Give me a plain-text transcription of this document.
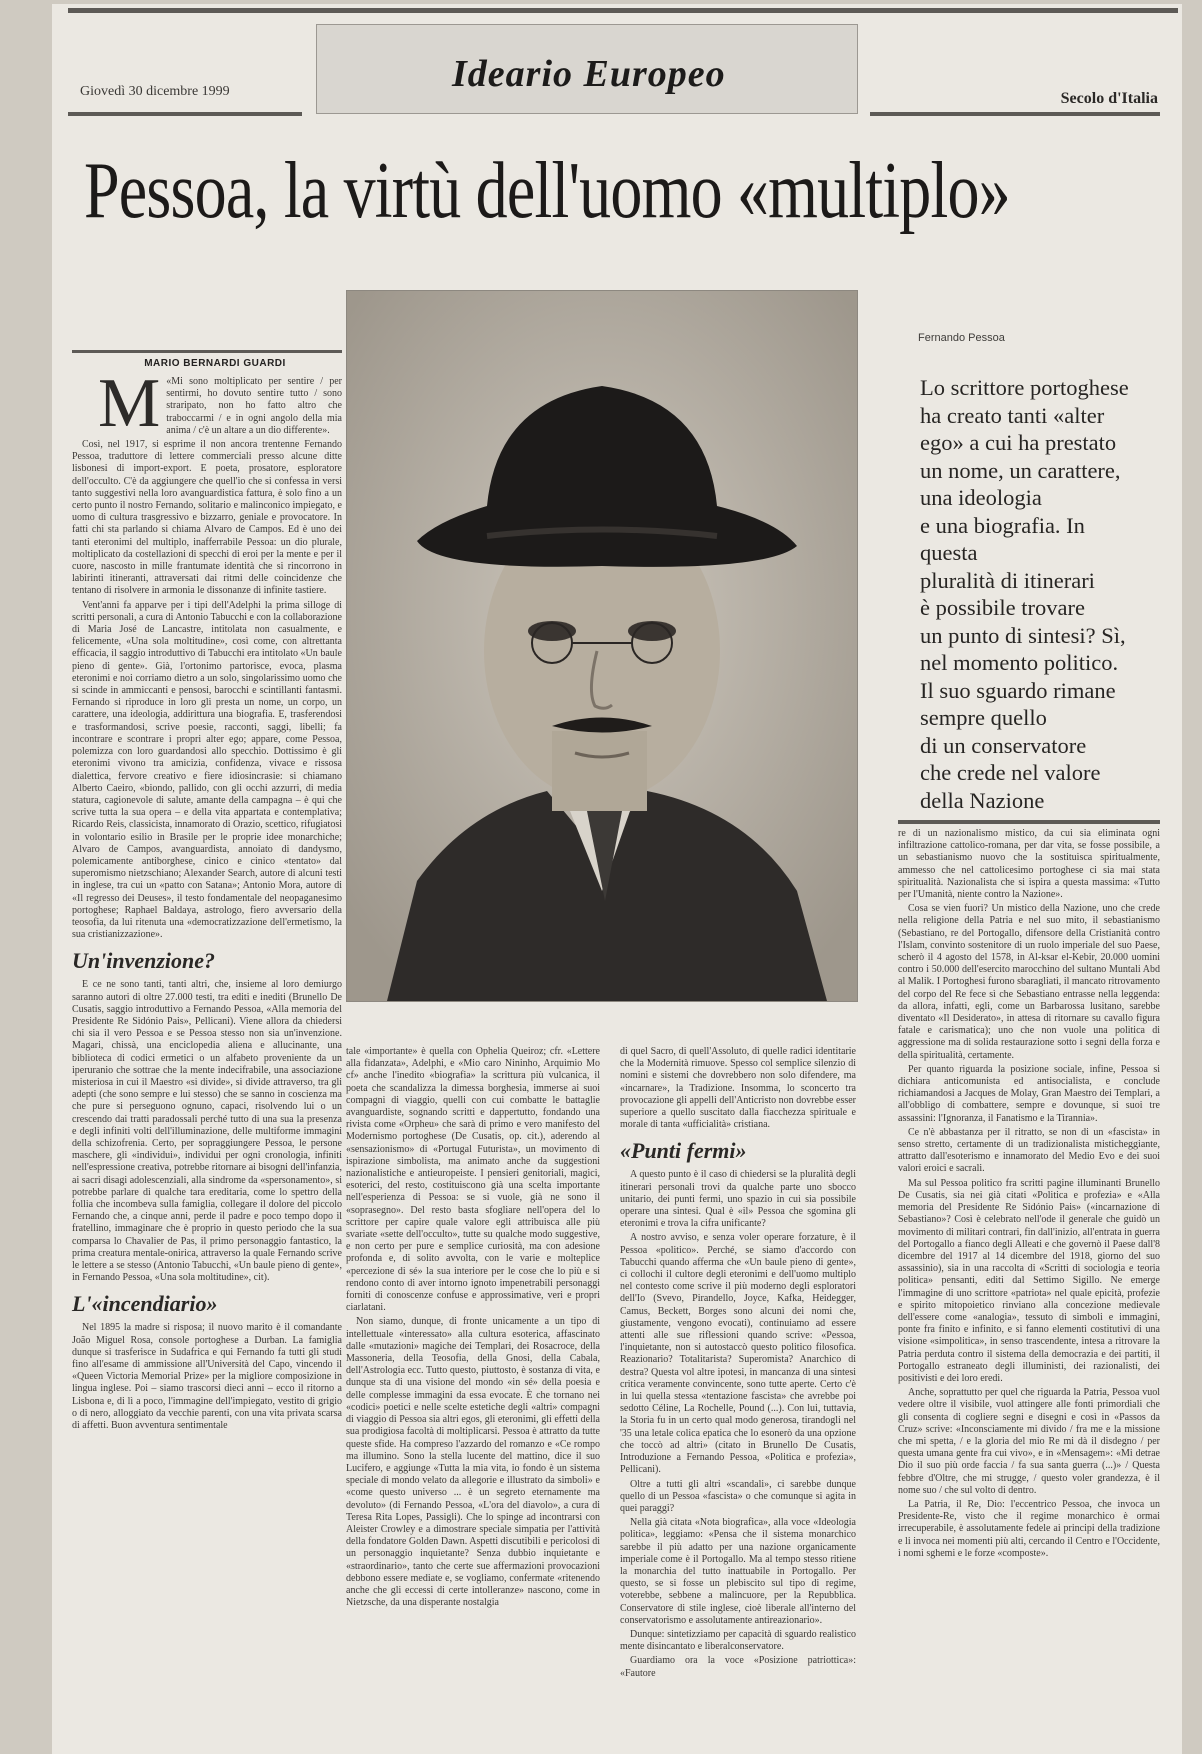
Giovedì 30 dicembre 1999	Ideario Europeo
Secolo d'Italia
Pessoa, la virtù dell'uomo «multiplo»
MARIO BERNARDI GUARDI
Fernando Pessoa
Lo scrittore portoghese
ha creato tanti «alter
ego» a cui ha prestato
un nome, un carattere,
una ideologia
e una biografia. In questa
pluralità di itinerari
è possibile trovare
un punto di sintesi? Sì,
nel momento politico.
Il suo sguardo rimane
sempre quello
di un conservatore
che crede nel valore
della Nazione
M «Mi sono moltiplicato per sentire / per sentirmi, ho dovuto sentire tutto / sono straripato, non ho fatto altro che traboccarmi / e in ogni angolo della mia anima / c'è un altare a un dio differente».

Così, nel 1917, si esprime il non ancora trentenne Fernando Pessoa, traduttore di lettere commerciali presso alcune ditte lisbonesi di import-export. E poeta, prosatore, esploratore dell'occulto. C'è da aggiungere che quell'io che si confessa in versi tanto suggestivi nella loro avanguardistica fattura, è solo fino a un certo punto il nostro Fernando, solitario e malinconico impiegato, e uomo di cultura trasgressivo e bizzarro, geniale e provocatore. In fatti chi sta parlando si chiama Alvaro de Campos. Ed è uno dei tanti eteronimi del multiplo, inafferrabile Pessoa: un dio plurale, moltiplicato da costellazioni di specchi di eroi per la mente e per il cuore, nascosto in mille frantumate identità che si rincorrono in labirinti itineranti, attraversati dai ritmi delle coincidenze che tentano di risolvere in armonia le dissonanze di infinite tastiere.

Vent'anni fa apparve per i tipi dell'Adelphi la prima silloge di scritti personali, a cura di Antonio Tabucchi e con la collaborazione di Maria José de Lancastre, intitolata non casualmente, e felicemente, «Una sola moltitudine», così come, con altrettanta efficacia, il saggio introduttivo di Tabucchi era intitolato «Un baule pieno di gente». Già, l'ortonimo partorisce, evoca, plasma eteronimi e noi corriamo dietro a un solo, singolarissimo uomo che si scinde in ammiccanti e pensosi, barocchi e scintillanti fantasmi. Fernando si riproduce in loro gli presta un nome, un corpo, un carattere, una ideologia, addirittura una biografia. E, trasferendosi e trasformandosi, scrive poesie, racconti, saggi, libelli; fa incontrare e scontrare i propri alter ego; appare, come Pessoa, polemizza con loro guardandosi allo specchio. Dottissimo è gli eteronimi vivono tra amicizia, confidenza, vivace e rissosa dialettica, fervore creativo e fiere idiosincrasie: si chiamano Alberto Caeiro, «biondo, pallido, con gli occhi azzurri, di media statura, cagionevole di salute, amante della campagna – è qui che scrive tutta la sua opera – e della vita appartata e contemplativa; Ricardo Reis, classicista, innamorato di Orazio, scettico, rifugiatosi in volontario esilio in Brasile per le proprie idee monarchiche; Alvaro de Campos, avanguardista, annoiato di dandysmo, polemicamente antiborghese, cinico e cinico «tentato» dal superomismo nietzschiano; Alexander Search, autore di alcuni testi in inglese, tra cui un «patto con Satana»; Antonio Mora, autore di «Il regresso dei Deuses», il testo fondamentale del neopaganesimo portoghese; Raphael Baldaya, astrologo, fiero avversario della teosofia, da lui ritenuta una «democratizzazione dell'ermetismo, la sua cristianizzazione».

Un'invenzione?

E ce ne sono tanti, tanti altri, che, insieme al loro demiurgo saranno autori di oltre 27.000 testi, tra editi e inediti (Brunello De Cusatis, saggio introduttivo a Fernando Pessoa, «Alla memoria del Presidente Re Sidónio Pais», Pellicani). Viene allora da chiedersi chi sia il vero Pessoa e se Pessoa stesso non sia un'invenzione. Magari, chissà, una enciclopedia aliena e allucinante, una biblioteca di codici ermetici o un alfabeto proveniente da un iperuranio che sottrae che la mente indecifrabile, una associazione misteriosa in cui il Maestro «si divide», si divide attraverso, tra gli adepti (che sono sempre e lui stesso) che se sanno in coscienza ma che pure si perseguono ognuno, capaci, risolvendo lui o un crescendo dai tratti paradossali perché tutto di una sua la presenza e degli infiniti volti dell'illuminazione, delle multiforme immagini della schizofrenia. Certo, per sopraggiungere Pessoa, le persone maschere, gli «individui», individui per ogni cronologia, infiniti nell'espressione creativa, potrebbe ritornare ai bisogni dell'infanzia, ai sacri disagi adolescenziali, alla sindrome da «spersonamento», si potrebbe parlare di qualche tara ereditaria, come lo spettro della follia che incombeva sulla famiglia, collegare il dolore del piccolo Fernando che, a cinque anni, perde il padre e poco tempo dopo il fratellino, immaginare che è proprio in questo periodo che la sua comparsa lo Chavalier de Pas, il primo personaggio fantastico, la prima creatura mentale-onirica, attraverso la quale Fernando scrive le lettere a se stesso (Antonio Tabucchi, «Un baule pieno di gente», in Fernando Pessoa, «Una sola moltitudine», cit).

L'«incendiario»

Nel 1895 la madre si risposa; il nuovo marito è il comandante João Miguel Rosa, console portoghese a Durban. La famiglia dunque si trasferisce in Sudafrica e qui Fernando fa tutti gli studi fino all'esame di ammissione all'Università del Capo, vincendo il «Queen Victoria Memorial Prize» per la migliore composizione in lingua inglese. Poi – siamo trascorsi dieci anni – ecco il ritorno a Lisbona e, di lì a poco, l'immagine dell'impiegato, vestito di grigio o di nero, alloggiato da vecchie parenti, con una vita privata scarsa di affetti. Buon avventura sentimentale

tale «importante» è quella con Ophelia Queiroz; cfr. «Lettere alla fidanzata», Adelphi, e «Mio caro Nininho, Arquimio Mo cf» anche l'inedito «biografia» la scrittura più vulcanica, il poeta che scandalizza la dimessa borghesia, immerse ai suoi compagni di viaggio, quelli con cui combatte le battaglie avanguardiste, sognando scritti e dappertutto, fondando una rivista come «Orpheu» che sarà di primo e vero manifesto del Modernismo portoghese (De Cusatis, op. cit.), aderendo al «sensazionismo» di «Portugal Futurista», un movimento di ispirazione simbolista, ma animato anche da suggestioni nazionalistiche e antieuropeiste. I pensieri genitoriali, magici, esoterici, del resto, costituiscono già una scelta importante nell'esperienza di Pessoa: se si vuole, già ne sono il «soprasegno». Del resto basta sfogliare nell'opera del lo scrittore per capire quale valore egli attribuisca alle più svariate «sette dell'occulto», tutte su qualche modo suggestive, e non certo per pure e semplice curiosità, ma con adesione profonda e, di solito avvolta, con le varie e molteplice «percezione di sé» la sua interiore per le cose che lo più e si rendono conto di aver intorno ignoto impenetrabili personaggi forniti di conoscenze confuse e approssimative, veri e propri ciarlatani.

Non siamo, dunque, di fronte unicamente a un tipo di intellettuale «interessato» alla cultura esoterica, affascinato dalle «mutazioni» magiche dei Templari, dei Rosacroce, della Massoneria, della Teosofia, della Gnosi, della Cabala, dell'Astrologia ecc. Tutto questo, piuttosto, è sostanza di vita, e dunque sta di una visione del mondo «in sé» della poesia e delle complesse immagini da essa evocate. È che tornano nei «codici» poetici e nelle scelte estetiche degli «altri» compagni di viaggio di Pessoa sia altri egos, gli eteronimi, gli effetti della sua prodigiosa facoltà di moltiplicarsi. Pessoa è attratto da tutte queste sfide. Ha compreso l'azzardo del romanzo e «Ce rompo ma illumino. Sono la stella lucente del mattino, dice il suo Lucifero, e aggiunge «Tutta la mia vita, io fondo è un sistema speciale di mondo velato da allegorie e illustrato da simboli» e «come questo universo ... è un segreto eternamente ma devoluto» (di Fernando Pessoa, «L'ora del diavolo», a cura di Teresa Rita Lopes, Passigli). Che lo spinge ad incontrarsi con Aleister Crowley e a dimostrare speciale simpatia per l'attività della fondatore Golden Dawn. Aspetti discutibili e pericolosi di un personaggio inquietante? Senza dubbio inquietante e «straordinario», tanto che certe sue affermazioni provocazioni debbono essere mediate e, se vogliamo, confermate «ritenendo anche che gli eccessi di certe intolleranze» nascono, come in Nietzsche, da una disperante nostalgia

di quel Sacro, di quell'Assoluto, di quelle radici identitarie che la Modernità rimuove. Spesso col semplice silenzio di nomini e sistemi che dovrebbero non solo difendere, ma «incarnare», la Tradizione. Insomma, lo sconcerto tra provocazione gli appelli dell'Anticristo non dovrebbe esser superiore a quello suscitato dalla fiacchezza spirituale e morale di tanta «ufficialità» cristiana.

«Punti fermi»

A questo punto è il caso di chiedersi se la pluralità degli itinerari personali trovi da qualche parte uno sbocco unitario, dei punti fermi, uno spazio in cui sia possibile operare una sintesi. Qual è «il» Pessoa che sgomina gli eteronimi e trova la cifra unificante?

A nostro avviso, e senza voler operare forzature, è il Pessoa «politico». Perché, se siamo d'accordo con Tabucchi quando afferma che «Un baule pieno di gente», ci collochi il cultore degli eteronimi e dell'uomo multiplo nel contesto come scrive il più moderno degli esploratori dell'Io (Svevo, Pirandello, Joyce, Kafka, Heidegger, Camus, Beckett, Borges sono alcuni dei nomi che, giustamente, vengono evocati), continuiamo ad essere attenti alle sue riflessioni quando scrive: «Pessoa, l'inquietante, non si autostaccò questo politico filosofica. Reazionario? Totalitarista? Superomista? Anarchico di destra? Questa vol altre ipotesi, in mancanza di una sintesi critica veramente convincente, sono tutte aperte. Certo c'è in lui quella stessa «tentazione fascista» che avrebbe poi sedotto Céline, La Rochelle, Pound (...). Con lui, tuttavia, la Storia fu in un certo qual modo generosa, tirandogli nel '35 una letale colica epatica che lo esonerò da una opzione che toccò ad altri» (citato in Brunello De Cusatis, Introduzione a Fernando Pessoa, «Politica e profezia», Pellicani).

Oltre a tutti gli altri «scandali», ci sarebbe dunque quello di un Pessoa «fascista» o che comunque si agita in quei paraggi?

Nella già citata «Nota biografica», alla voce «Ideologia politica», leggiamo: «Pensa che il sistema monarchico sarebbe il più adatto per una nazione organicamente imperiale come è il Portogallo. Ma al tempo stesso ritiene la monarchia del tutto inattuabile in Portogallo. Per questo, se si fosse un plebiscito sul tipo di regime, voterebbe, sebbene a malincuore, per la Repubblica. Conservatore di stile inglese, cioè liberale all'interno del conservatorismo e assolutamente antireazionario».

Dunque: sintetizziamo per capacità di sguardo realistico mente disincantato e liberalconservatore.

Guardiamo ora la voce «Posizione patriottica»: «Fautore

re di un nazionalismo mistico, da cui sia eliminata ogni infiltrazione cattolico-romana, per dar vita, se fosse possibile, a un sebastianismo nuovo che la sostituisca spiritualmente, ammesso che nel cattolicesimo portoghese ci sia mai stata spiritualità. Nazionalista che si ispira a questa massima: «Tutto per l'Umanità, niente contro la Nazione».

Cosa se vien fuori? Un mistico della Nazione, uno che crede nella religione della Patria e nel suo mito, il sebastianismo (Sebastiano, re del Portogallo, difensore della Cristianità contro l'Islam, convinto sostenitore di un ruolo imperiale del suo Paese, scherò il 4 agosto del 1578, in Al-ksar el-Kebir, 20.000 uomini contro i 50.000 dell'esercito marocchino del sultano Muntali Abd al Malik. I Portoghesi furono sbaragliati, il mancato ritrovamento del corpo del Re fece sì che Sebastiano entrasse nella leggenda: da allora, infatti, egli, come un Barbarossa lusitano, sarebbe diventato «Il Desiderato», in attesa di ritornare su cavallo figura fatale e carismatica); uno che non vuole una politica di aggressione ma di solida restaurazione sotto i segni della forza e della spiritualità, certamente.

Per quanto riguarda la posizione sociale, infine, Pessoa si dichiara anticomunista ed antisocialista, e conclude richiamandosi a Jacques de Molay, Gran Maestro dei Templari, a all'obbligo di combattere, sempre e dovunque, si suoi tre assassini: l'Ignoranza, il Fanatismo e la Tirannia».

Ce n'è abbastanza per il ritratto, se non di un «fascista» in senso stretto, certamente di un tradizionalista misticheggiante, attratto dall'esoterismo e innamorato del Medio Evo e dei suoi valori eroici e sacrali.

Ma sul Pessoa politico fra scritti pagine illuminanti Brunello De Cusatis, sia nei già citati «Politica e profezia» e «Alla memoria del Presidente Re Sidónio Pais» («incarnazione di Sebastiano»? Così è celebrato nell'ode il generale che guidò un movimento di militari contrari, fin dall'inizio, all'entrata in guerra del Portogallo a fianco degli Alleati e che governò il Paese dall'8 dicembre del 1917 al 14 dicembre del 1918, giorno del suo assassinio), sia in una raccolta di «Scritti di sociologia e teoria politica» pensanti, editi dal Settimo Sigillo. Ne emerge l'immagine di uno scrittore «patriota» nel quale epicità, profezie e spirito mitopoietico rinviano alla concezione medievale dell'essere come «analogia», tessuto di simboli e immagini, ponte fra finito e infinito, e si fanno elementi costitutivi di una visione «simpolitica», in senso trascendente, intesa a ritrovare la Patria perduta contro il sistema della democrazia e dei partiti, il Portogallo estraneato degli illuministi, dei razionalisti, dei positivisti e dei loro eredi.

Anche, soprattutto per quel che riguarda la Patria, Pessoa vuol vedere oltre il visibile, vuol attingere alle fonti primordiali che gli consenta di cogliere segni e disegni e così in «Passos da Cruz» scrive: «Inconsciamente mi divido / fra me e la missione che mi spetta, / e la gloria del mio Re mi dà il disdegno / per questa umana gente fra cui vivo», e in «Mensagem»: «Mi detrae Dio il suo più orde faccia / fa sua santa guerra (...)» / Questa febbre d'Oltre, che mi strugge, / questo voler grandezza, è il nome suo / che sul volto di dentro.

La Patria, il Re, Dio: l'eccentrico Pessoa, che invoca un Presidente-Re, visto che il regime monarchico è ormai irrecuperabile, è assolutamente fedele ai principi della tradizione e li invoca nei momenti più alti, cercando il Centro e l'Occidente, i nomi sghemi e le forze «composte».
